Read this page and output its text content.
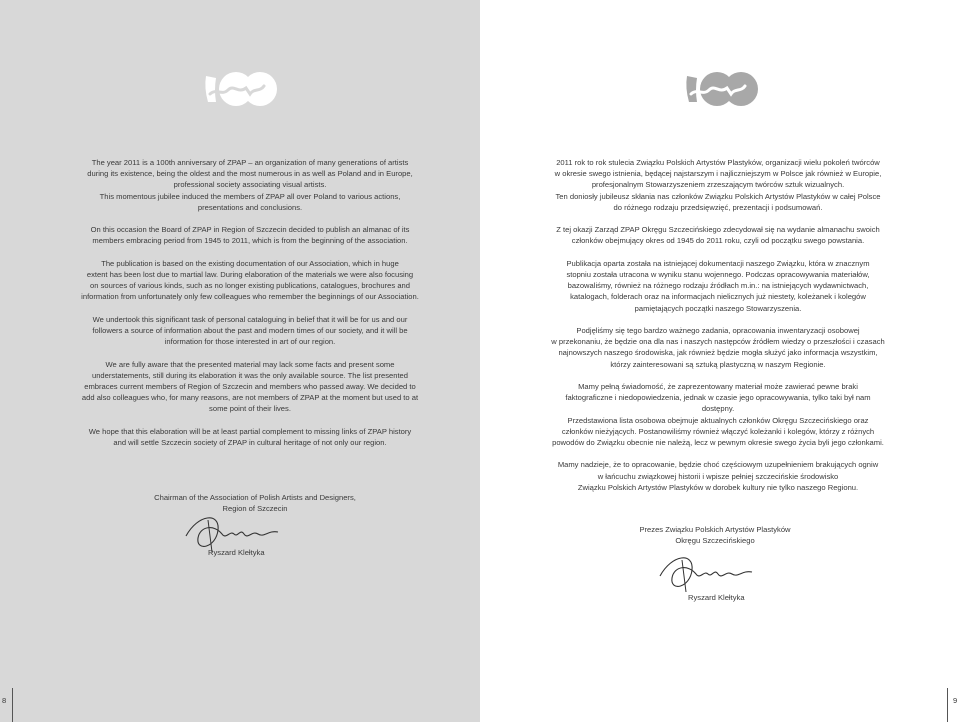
The year 2011 is a 100th anniversary of ZPAP – an organization of many generations of artists
during its existence, being the oldest and the most numerous in as well as Poland and in Europe,
professional society associating visual artists.
This momentous jubilee induced the members of ZPAP all over Poland to various actions,
presentations and conclusions.

On this occasion the Board of ZPAP in Region of Szczecin decided to publish an almanac of its
members embracing period from 1945 to 2011, which is from the beginning of the association.

The publication is based on the existing documentation of our Association, which in huge
extent has been lost due to martial law. During elaboration of the materials we were also focusing
on sources of various kinds, such as no longer existing publications, catalogues, brochures and
information from unfortunately only few colleagues who remember the beginnings of our Association.

We undertook this significant task of personal cataloguing in belief that it will be for us and our
followers a source of information about the past and modern times of our society, and it will be
information for those interested in art of our region.

We are fully aware that the presented material may lack some facts and present some
understatements, still during its elaboration it was the only available source. The list presented
embraces current members of Region of Szczecin and members who passed away. We decided to
add also colleagues who, for many reasons, are not members of ZPAP at the moment but used to at
some point of their lives.

We hope that this elaboration will be at least partial complement to missing links of ZPAP history
and will settle Szczecin society of ZPAP in cultural heritage of not only our region.

Chairman of the Association of Polish Artists and Designers,
Region of Szczecin
Ryszard Klełtyka
8

2011 rok to rok stulecia Związku Polskich Artystów Plastyków, organizacji wielu pokoleń twórców
w okresie swego istnienia, będącej najstarszym i najliczniejszym w Polsce jak również w Europie,
profesjonalnym Stowarzyszeniem zrzeszającym twórców sztuk wizualnych.
Ten doniosły jubileusz skłania nas członków Związku Polskich Artystów Plastyków w całej Polsce
do różnego rodzaju przedsięwzięć, prezentacji i podsumowań.

Z tej okazji Zarząd ZPAP Okręgu Szczecińskiego zdecydował się na wydanie almanachu swoich
członków obejmujący okres od 1945 do 2011 roku, czyli od początku swego powstania.

Publikacja oparta została na istniejącej dokumentacji naszego Związku, która w znacznym
stopniu została utracona w wyniku stanu wojennego. Podczas opracowywania materiałów,
bazowaliśmy, również na różnego rodzaju źródłach m.in.: na istniejących wydawnictwach,
katalogach, folderach oraz na informacjach nielicznych już niestety, koleżanek i kolegów
pamiętających początki naszego Stowarzyszenia.

Podjęliśmy się tego bardzo ważnego zadania, opracowania inwentaryzacji osobowej
w przekonaniu, że będzie ona dla nas i naszych następców źródłem wiedzy o przeszłości i czasach
najnowszych naszego środowiska, jak również będzie mogła służyć jako informacja wszystkim,
którzy zainteresowani są sztuką plastyczną w naszym Regionie.

Mamy pełną świadomość, że zaprezentowany materiał może zawierać pewne braki
faktograficzne i niedopowiedzenia, jednak w czasie jego opracowywania, tylko taki był nam
dostępny.
Przedstawiona lista osobowa obejmuje aktualnych członków Okręgu Szczecińskiego oraz
członków nieżyjących. Postanowiliśmy również włączyć koleżanki i kolegów, którzy z różnych
powodów do Związku obecnie nie należą, lecz w pewnym okresie swego życia byli jego członkami.

Mamy nadzieje, że to opracowanie, będzie choć częściowym uzupełnieniem brakujących ogniw
w łańcuchu związkowej historii i wpisze pełniej szczecińskie środowisko
Związku Polskich Artystów Plastyków w dorobek kultury nie tylko naszego Regionu.

Prezes Związku Polskich Artystów Plastyków
Okręgu Szczecińskiego
Ryszard Klełtyka
9
